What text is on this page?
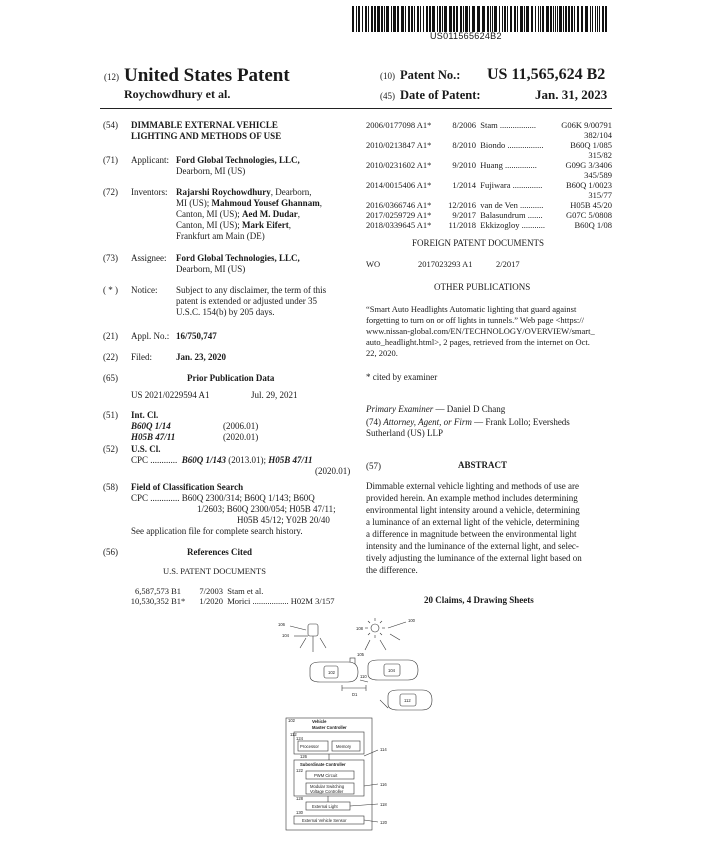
US011565624B2
(12) United States Patent
Roychowdhury et al.
(10) Patent No.: US 11,565,624 B2
(45) Date of Patent:	Jan. 31, 2023
(54) DIMMABLE EXTERNAL VEHICLE
LIGHTING AND METHODS OF USE
(71) Applicant: Ford Global Technologies, LLC,
Dearborn, MI (US)
(72) Inventors: Rajarshi Roychowdhury, Dearborn,
MI (US); Mahmoud Yousef Ghannam,
Canton, MI (US); Aed M. Dudar,
Canton, MI (US); Mark Eifert,
Frankfurt am Main (DE)
(73) Assignee: Ford Global Technologies, LLC,
Dearborn, MI (US)
( * ) Notice: Subject to any disclaimer, the term of this
patent is extended or adjusted under 35
U.S.C. 154(b) by 205 days.
(21) Appl. No.: 16/750,747
(22) Filed:	Jan. 23, 2020
(65)	Prior Publication Data
US 2021/0229594 A1	Jul. 29, 2021
(51) Int. Cl.
B60Q 1/14	(2006.01)
H05B 47/11	(2020.01)
(52) U.S. Cl.
CPC ............ B60Q 1/143 (2013.01); H05B 47/11
(2020.01)
(58) Field of Classification Search
CPC ............. B60Q 2300/314; B60Q 1/143; B60Q
1/2603; B60Q 2300/054; H05B 47/11;
H05B 45/12; Y02B 20/40
See application file for complete search history.
(56)	References Cited
U.S. PATENT DOCUMENTS
6,587,573 B1 7/2003 Stam et al.
10,530,352 B1* 1/2020 Morici ................. H02M 3/157
2006/0177098 A1* 8/2006 Stam .................	G06K 9/00791
382/104
2010/0213847 A1* 8/2010 Biondo .................	B60Q 1/085
315/82
2010/0231602 A1* 9/2010 Huang ...............	G09G 3/3406
345/589
2014/0015406 A1* 1/2014 Fujiwara ..............	B60Q 1/0023
315/77
2016/0366746 A1* 12/2016 van de Ven ...........	H05B 45/20
2017/0259729 A1* 9/2017 Balasundrum .......	G07C 5/0808
2018/0339645 A1* 11/2018 Ekkizogloy ...........	B60Q 1/08
FOREIGN PATENT DOCUMENTS
WO	2017023293 A1	2/2017
OTHER PUBLICATIONS
“Smart Auto Headlights Automatic lighting that guard against
forgetting to turn on or off lights in tunnels.” Web page <https://
www.nissan-global.com/EN/TECHNOLOGY/OVERVIEW/smart_
auto_headlight.html>, 2 pages, retrieved from the internet on Oct.
22, 2020.
* cited by examiner
Primary Examiner — Daniel D Chang
(74) Attorney, Agent, or Firm — Frank Lollo; Eversheds
Sutherland (US) LLP
(57)	ABSTRACT
Dimmable external vehicle lighting and methods of use are
provided herein. An example method includes determining
environmental light intensity around a vehicle, determining
a luminance of an external light of the vehicle, determining
a difference in magnitude between the environmental light
intensity and the luminance of the external light, and selec-
tively adjusting the luminance of the external light based on
the difference.
20 Claims, 4 Drawing Sheets
106
104
100
108
105
110
102	104
112
D1
102	Vehicle
Master Controller
112
Processor	Memory
Subordinate Controller
PWM Circuit
Modular Switching
Voltage Controller
External Light
External Vehicle Sensor
114
116
118
120
122
124
126
128
130
